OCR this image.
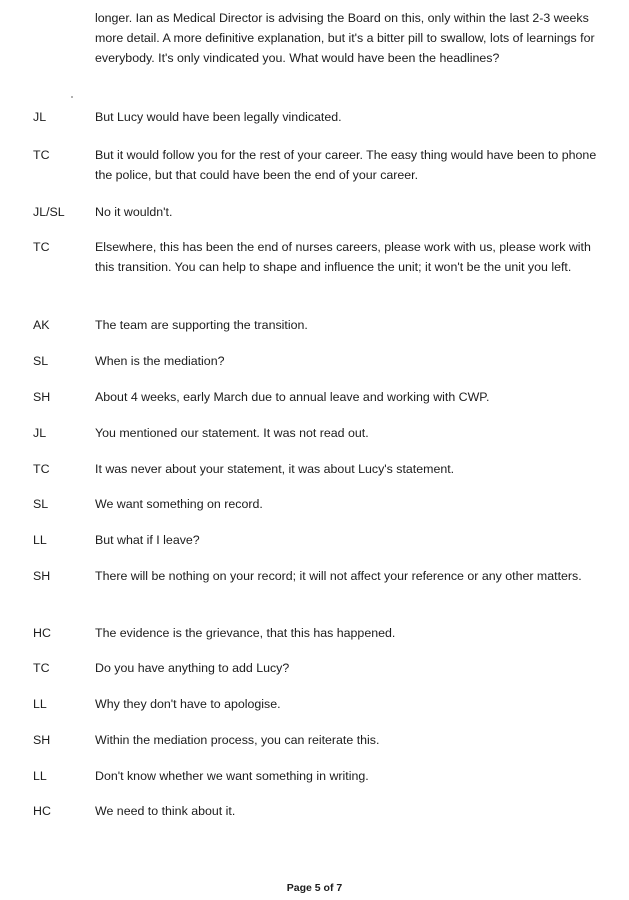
longer. Ian as Medical Director is advising the Board on this, only within the last 2-3 weeks more detail. A more definitive explanation, but it's a bitter pill to swallow, lots of learnings for everybody. It's only vindicated you. What would have been the headlines?
JL	But Lucy would have been legally vindicated.
TC	But it would follow you for the rest of your career. The easy thing would have been to phone the police, but that could have been the end of your career.
JL/SL	No it wouldn't.
TC	Elsewhere, this has been the end of nurses careers, please work with us, please work with this transition. You can help to shape and influence the unit; it won't be the unit you left.
AK	The team are supporting the transition.
SL	When is the mediation?
SH	About 4 weeks, early March due to annual leave and working with CWP.
JL	You mentioned our statement. It was not read out.
TC	It was never about your statement, it was about Lucy's statement.
SL	We want something on record.
LL	But what if I leave?
SH	There will be nothing on your record; it will not affect your reference or any other matters.
HC	The evidence is the grievance, that this has happened.
TC	Do you have anything to add Lucy?
LL	Why they don't have to apologise.
SH	Within the mediation process, you can reiterate this.
LL	Don't know whether we want something in writing.
HC	We need to think about it.
Page 5 of 7
